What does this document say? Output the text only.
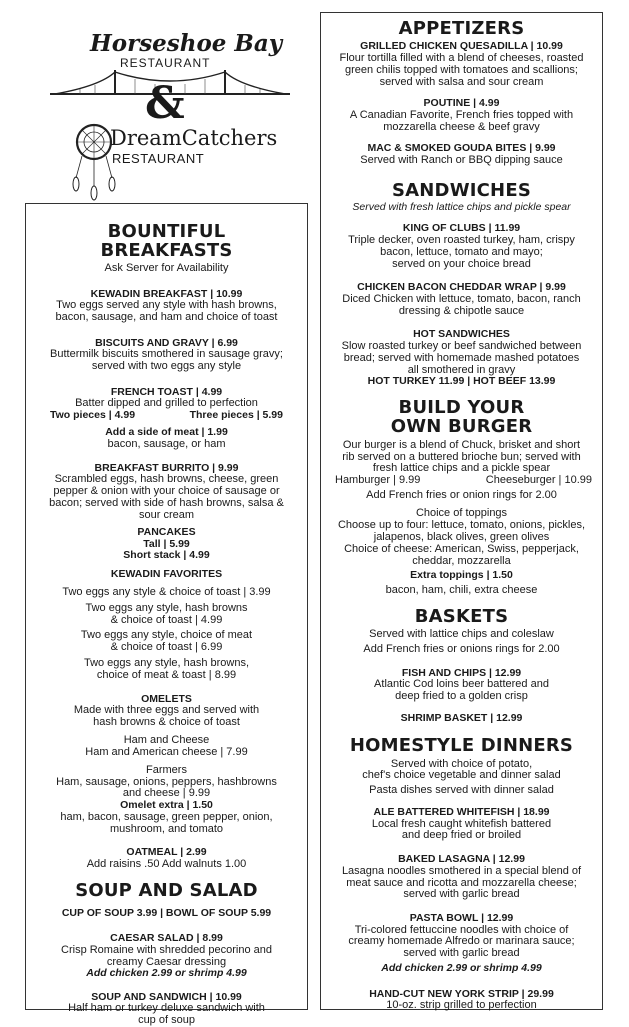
Horseshoe Bay
RESTAURANT
&
DreamCatchers
RESTAURANT
BOUNTIFUL
BREAKFASTS
Ask Server for Availability
KEWADIN BREAKFAST | 10.99
Two eggs served any style with hash browns,
bacon, sausage, and ham and choice of toast
BISCUITS AND GRAVY | 6.99
Buttermilk biscuits smothered in sausage gravy;
served with two eggs any style
FRENCH TOAST | 4.99
Batter dipped and grilled to perfection
Two pieces | 4.99	Three pieces | 5.99
Add a side of meat | 1.99
bacon, sausage, or ham
BREAKFAST BURRITO | 9.99
Scrambled eggs, hash browns, cheese, green
pepper & onion with your choice of sausage or
bacon; served with side of hash browns, salsa &
sour cream
PANCAKES
Tall | 5.99
Short stack | 4.99
KEWADIN FAVORITES
Two eggs any style & choice of toast | 3.99
Two eggs any style, hash browns
& choice of toast | 4.99
Two eggs any style, choice of meat
& choice of toast | 6.99
Two eggs any style, hash browns,
choice of meat & toast | 8.99
OMELETS
Made with three eggs and served with
hash browns & choice of toast
Ham and Cheese
Ham and American cheese | 7.99
Farmers
Ham, sausage, onions, peppers, hashbrowns
and cheese | 9.99
Omelet extra | 1.50
ham, bacon, sausage, green pepper, onion,
mushroom, and tomato
OATMEAL | 2.99
Add raisins .50 Add walnuts 1.00
SOUP AND SALAD
CUP OF SOUP 3.99 | BOWL OF SOUP 5.99
CAESAR SALAD | 8.99
Crisp Romaine with shredded pecorino and
creamy Caesar dressing
Add chicken 2.99 or shrimp 4.99
SOUP AND SANDWICH | 10.99
Half ham or turkey deluxe sandwich with
cup of soup
APPETIZERS
GRILLED CHICKEN QUESADILLA | 10.99
Flour tortilla filled with a blend of cheeses, roasted
green chilis topped with tomatoes and scallions;
served with salsa and sour cream
POUTINE | 4.99
A Canadian Favorite, French fries topped with
mozzarella cheese & beef gravy
MAC & SMOKED GOUDA BITES | 9.99
Served with Ranch or BBQ dipping sauce
SANDWICHES
Served with fresh lattice chips and pickle spear
KING OF CLUBS | 11.99
Triple decker, oven roasted turkey, ham, crispy
bacon, lettuce, tomato and mayo;
served on your choice bread
CHICKEN BACON CHEDDAR WRAP | 9.99
Diced Chicken with lettuce, tomato, bacon, ranch
dressing & chipotle sauce
HOT SANDWICHES
Slow roasted turkey or beef sandwiched between
bread; served with homemade mashed potatoes
all smothered in gravy
HOT TURKEY 11.99 | HOT BEEF 13.99
BUILD YOUR
OWN BURGER
Our burger is a blend of Chuck, brisket and short
rib served on a buttered brioche bun; served with
fresh lattice chips and a pickle spear
Hamburger | 9.99	Cheeseburger | 10.99
Add French fries or onion rings for 2.00
Choice of toppings
Choose up to four: lettuce, tomato, onions, pickles,
jalapenos, black olives, green olives
Choice of cheese: American, Swiss, pepperjack,
cheddar, mozzarella
Extra toppings | 1.50
bacon, ham, chili, extra cheese
BASKETS
Served with lattice chips and coleslaw
Add French fries or onions rings for 2.00
FISH AND CHIPS | 12.99
Atlantic Cod loins beer battered and
deep fried to a golden crisp
SHRIMP BASKET | 12.99
HOMESTYLE DINNERS
Served with choice of potato,
chef's choice vegetable and dinner salad
Pasta dishes served with dinner salad
ALE BATTERED WHITEFISH | 18.99
Local fresh caught whitefish battered
and deep fried or broiled
BAKED LASAGNA | 12.99
Lasagna noodles smothered in a special blend of
meat sauce and ricotta and mozzarella cheese;
served with garlic bread
PASTA BOWL | 12.99
Tri-colored fettuccine noodles with choice of
creamy homemade Alfredo or marinara sauce;
served with garlic bread
Add chicken 2.99 or shrimp 4.99
HAND-CUT NEW YORK STRIP | 29.99
10-oz. strip grilled to perfection
